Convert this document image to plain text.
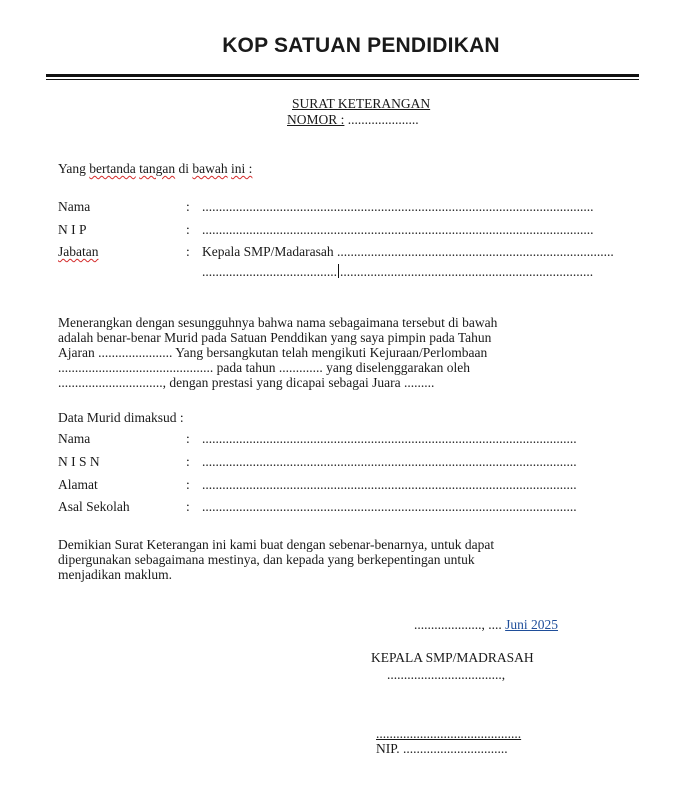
KOP SATUAN PENDIDIKAN
SURAT KETERANGAN
NOMOR : .....................
Yang bertanda tangan di bawah ini :
Nama	: ....................................................................................................................
N I P	: ....................................................................................................................
Jabatan	: Kepala SMP/Madarasah ..................................................................................
........................................ ...........................................................................
Menerangkan dengan sesungguhnya bahwa nama sebagaimana tersebut di bawah
adalah benar-benar Murid pada Satuan Penddikan yang saya pimpin pada Tahun
Ajaran ...................... Yang bersangkutan telah mengikuti Kejuraan/Perlombaan
.............................................. pada tahun ............. yang diselenggarakan oleh
..............................., dengan prestasi yang dicapai sebagai Juara .........
Data Murid dimaksud :
Nama	: ...............................................................................................................
N I S N	: ...............................................................................................................
Alamat	: ...............................................................................................................
Asal Sekolah	: ...............................................................................................................
Demikian Surat Keterangan ini kami buat dengan sebenar-benarnya, untuk dapat
dipergunakan sebagaimana mestinya, dan kepada yang berkepentingan untuk
menjadikan maklum.
...................., .... Juni 2025
KEPALA SMP/MADRASAH
..................................,
...........................................
NIP. ...............................
